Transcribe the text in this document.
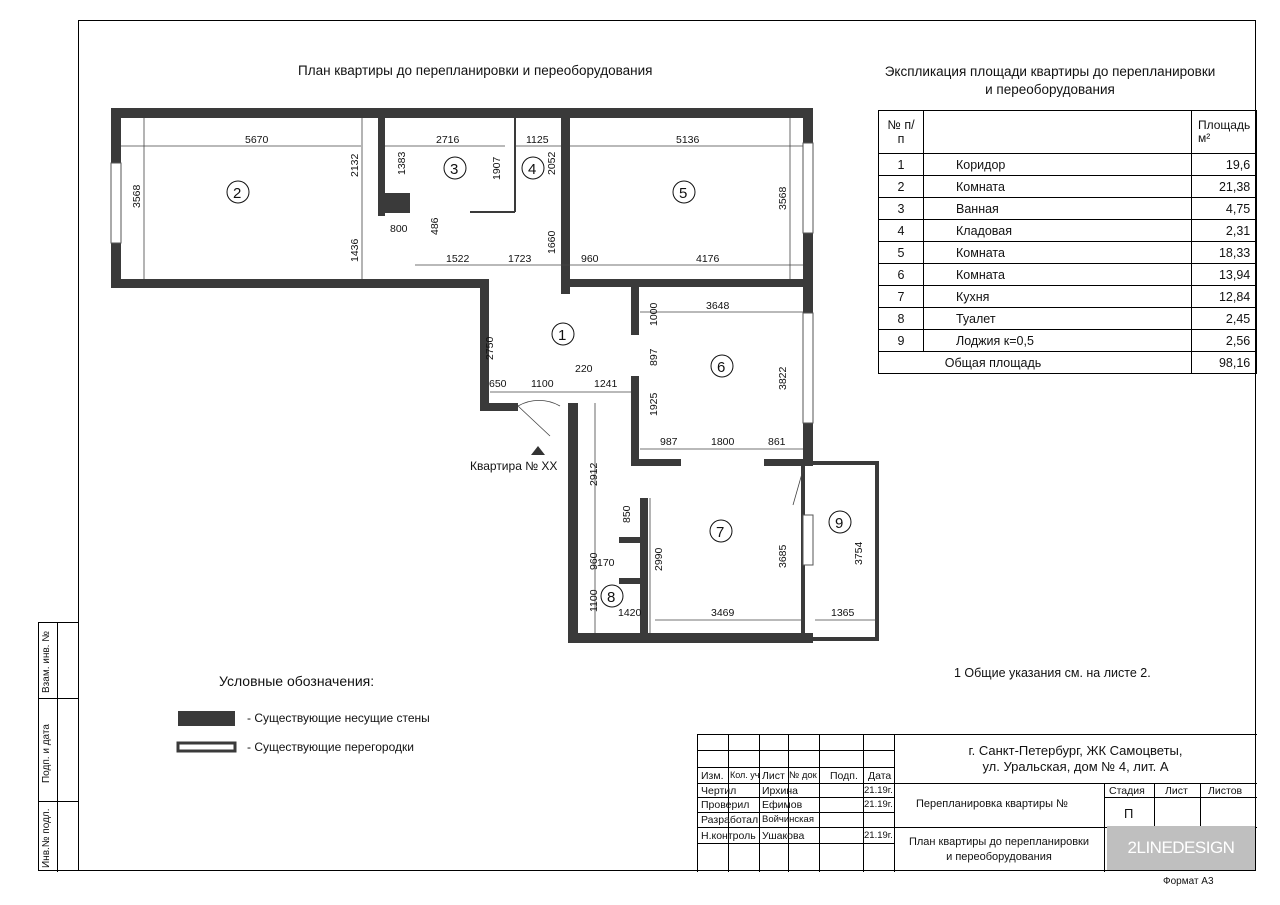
Взам. инв. №
Подп. и дата
Инв.№ подл.
План квартиры до перепланировки и переоборудования	Экспликация площади квартиры до перепланировки
и переоборудования
5670	2716	1125	5136
1522	1723	960	4176
800
3648
220
650 1100	1241
987	1800	861
1420	3469	1365
3568
2132	1383	1907	2052
3568
1436
486
1660
1000
2750	897
1925
3822
2912
850
2990	3685	3754
960
1100
170
2
3	4
5
1
6
7
8
9
Квартира № ХХ
№ п/п		Площадь
м²
1	Коридор	19,6
2	Комната	21,38
3	Ванная	4,75
4	Кладовая	2,31
5	Комната	18,33
6	Комната	13,94
7	Кухня	12,84
8	Туалет	2,45
9	Лоджия к=0,5	2,56
Общая площадь		98,16
Условные обозначения:
- Существующие несущие стены
- Существующие перегородки
1 Общие указания см. на листе 2.
Изм. Кол. уч Лист № док Подп. Дата
Чертил Ирхина	21.19г.
Проверил Ефимов	21.19г.
Разработал Войчинская
Н.контроль Ушакова	21.19г.
г. Санкт-Петербург, ЖК Самоцветы,
ул. Уральская, дом № 4, лит. А
Перепланировка квартиры №
План квартиры до перепланировки
и переоборудования
Стадия Лист Листов
П
2LINEDESIGN
Формат А3
